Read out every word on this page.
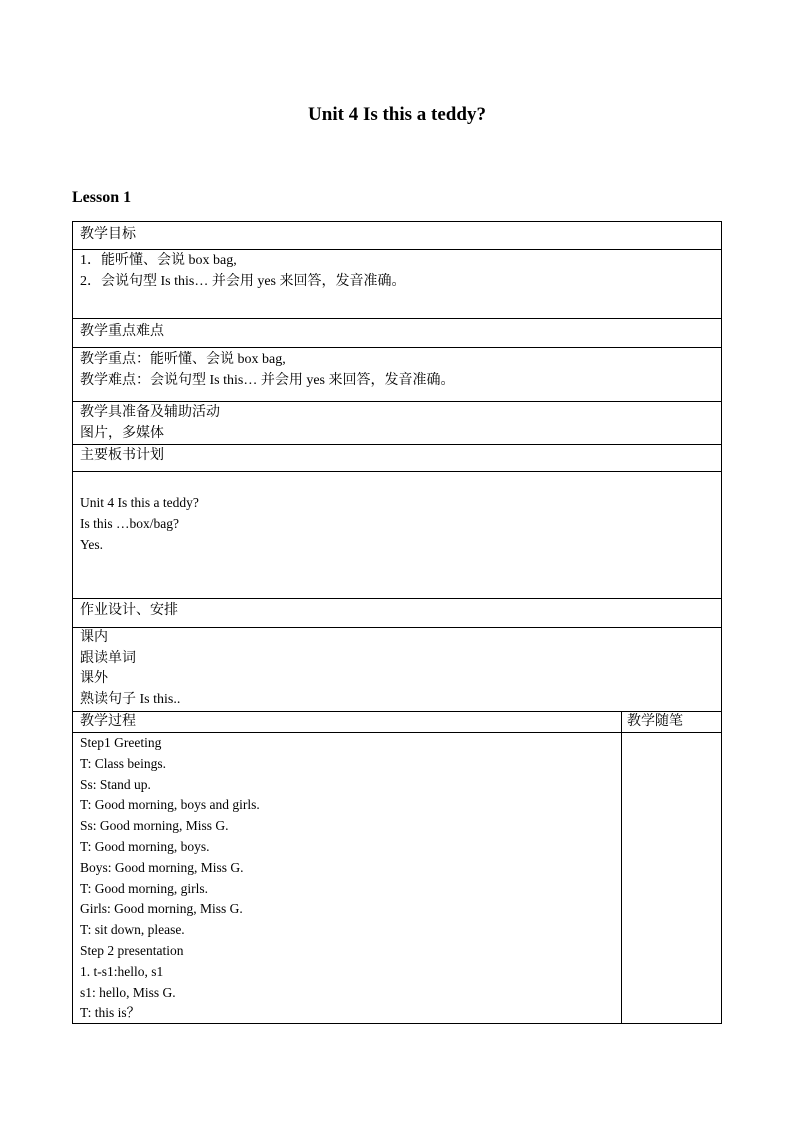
Unit 4 Is this a teddy?
Lesson 1
教学目标
1．能听懂、会说 box bag,
2．会说句型 Is this… 并会用 yes 来回答，发音准确。
教学重点难点
教学重点：能听懂、会说 box bag,
教学难点：会说句型 Is this… 并会用 yes 来回答，发音准确。
教学具准备及辅助活动
图片，多媒体
主要板书计划
Unit 4 Is this a teddy?
Is this …box/bag?
Yes.
作业设计、安排
课内
跟读单词
课外
熟读句子 Is this..
教学过程	教学随笔
Step1 Greeting
T: Class beings.
Ss: Stand up.
T: Good morning, boys and girls.
Ss: Good morning, Miss G.
T: Good morning, boys.
Boys: Good morning, Miss G.
T: Good morning, girls.
Girls: Good morning, Miss G.
T: sit down, please.
Step 2 presentation
1. t-s1:hello, s1
s1: hello, Miss G.
T: this is？
